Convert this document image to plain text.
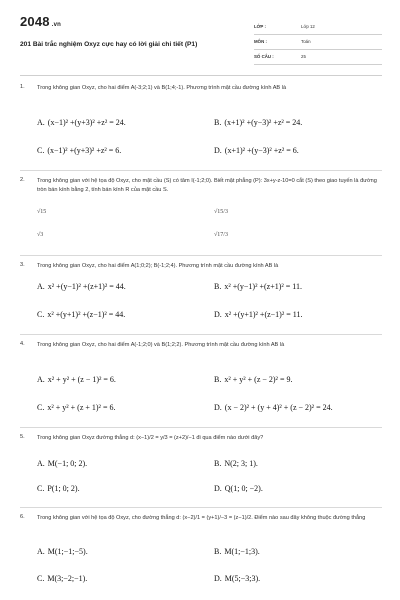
2048 .vn
201 Bài trắc nghiệm Oxyz cực hay có lời giải chi tiết (P1)
LỚP :	Lớp 12
MÔN :	Toán
SỐ CÂU :	25
1. Trong không gian Oxyz, cho hai điểm A(-3;2;1) và B(1;4;-1). Phương trình mặt cầu đường kính AB là
A. (x−1)² +(y+3)² +z² = 24.	B. (x+1)² +(y−3)² +z² = 24.
C. (x−1)² +(y+3)² +z² = 6.	D. (x+1)² +(y−3)² +z² = 6.
2. Trong không gian với hệ tọa độ Oxyz, cho mặt cầu (S) có tâm I(-1;2;0). Biết mặt phẳng (P): 3x+y-z-10=0 cắt (S) theo giao tuyến là đường tròn bán kính bằng 2, tính bán kính R của mặt cầu S.
√15	√15/3
√3	√17/3
3. Trong không gian Oxyz, cho hai điểm A(1;0;2); B(-1;2;4). Phương trình mặt cầu đường kính AB là
A. x² +(y−1)² +(z+1)² = 44.	B. x² +(y−1)² +(z+1)² = 11.
C. x² +(y+1)² +(z−1)² = 44.	D. x² +(y+1)² +(z−1)² = 11.
4. Trong không gian Oxyz, cho hai điểm A(-1;2;0) và B(1;2;2). Phương trình mặt cầu đường kính AB là
A. x² + y² + (z − 1)² = 6.	B. x² + y² + (z − 2)² = 9.
C. x² + y² + (z + 1)² = 6.	D. (x − 2)² + (y + 4)² + (z − 2)² = 24.
5. Trong không gian Oxyz đường thẳng d: (x−1)/2 = y/3 = (z+2)/−1 đi qua điểm nào dưới đây?
A. M(−1; 0; 2).	B. N(2; 3; 1).
C. P(1; 0; 2).	D. Q(1; 0; −2).
6. Trong không gian với hệ tọa độ Oxyz, cho đường thẳng d: (x−2)/1 = (y+1)/−3 = (z−1)/2. Điểm nào sau đây không thuộc đường thẳng
A. M(1;−1;−5).	B. M(1;−1;3).
C. M(3;−2;−1).	D. M(5;−3;3).
